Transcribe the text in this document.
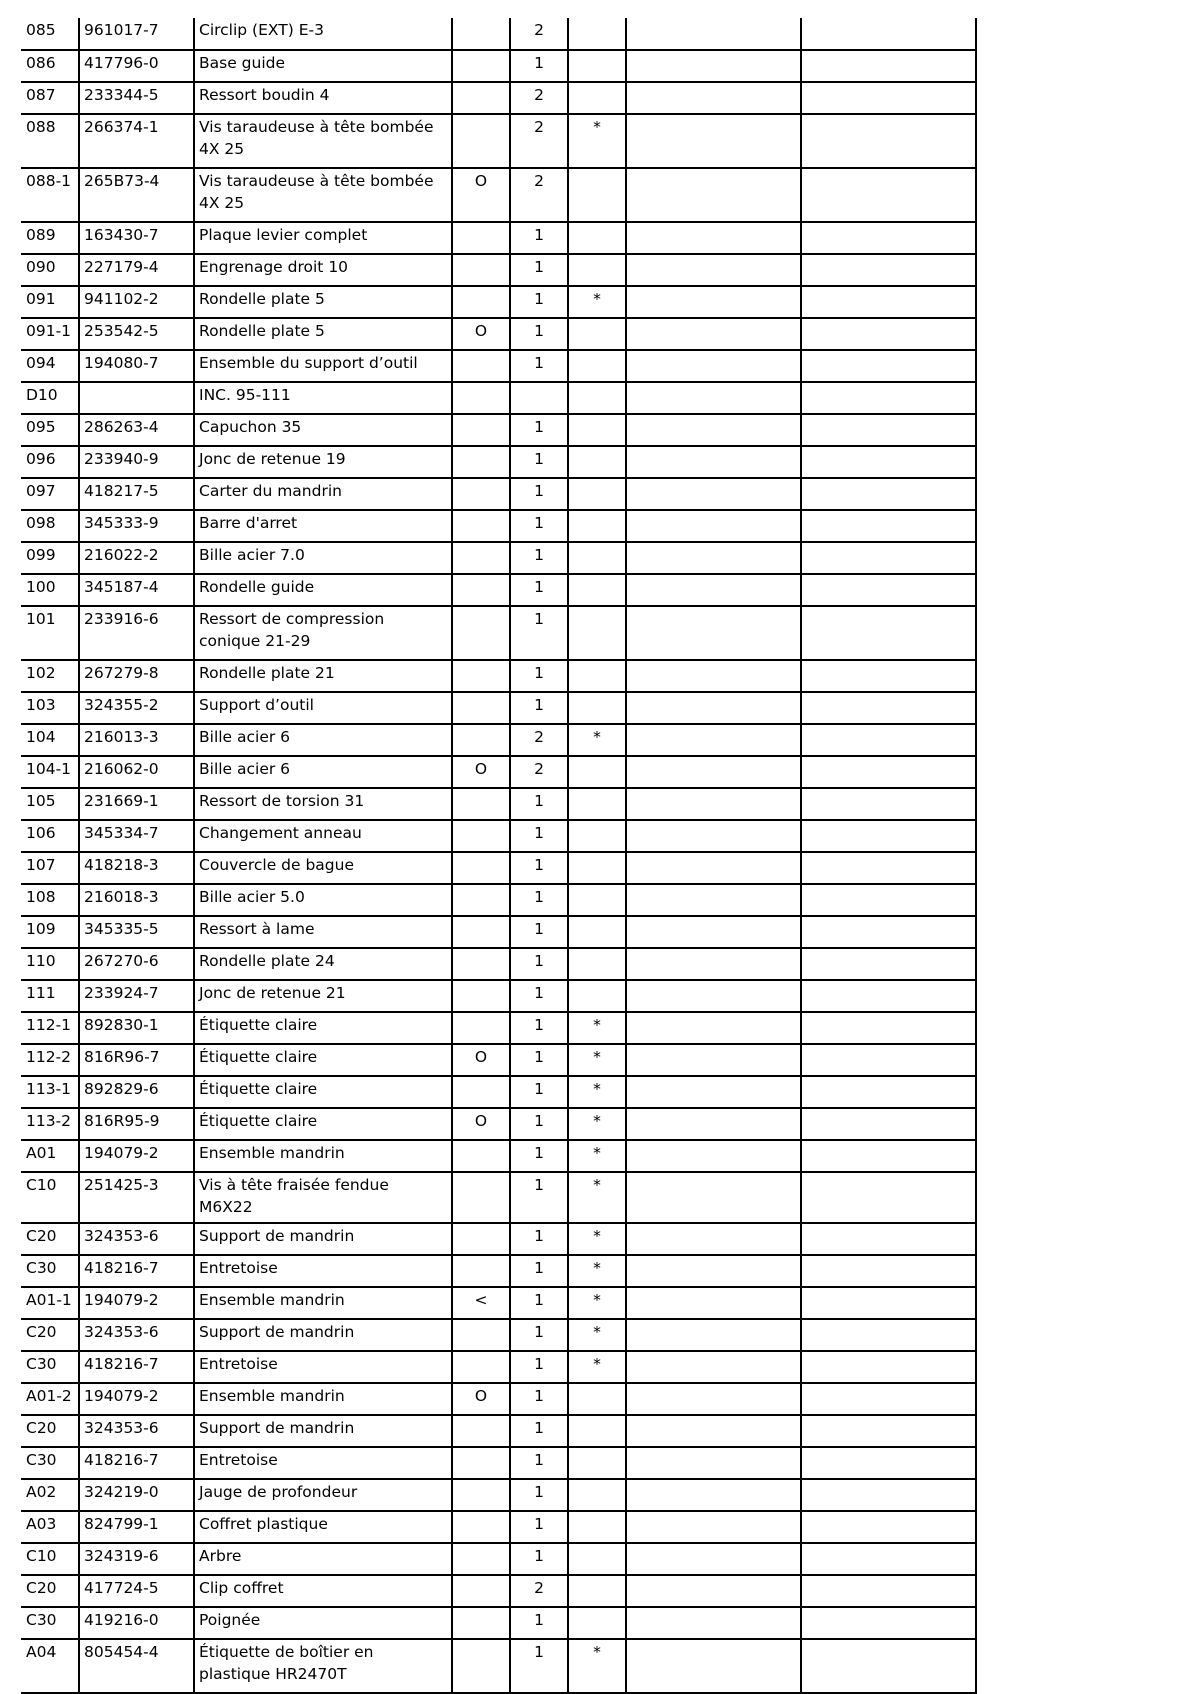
085	961017-7	Circlip (EXT) E-3		2			
086	417796-0	Base guide		1			
087	233344-5	Ressort boudin 4		2			
088	266374-1	Vis taraudeuse à tête bombée 4X 25		2	*		
088-1	265B73-4	Vis taraudeuse à tête bombée 4X 25	O	2			
089	163430-7	Plaque levier complet		1			
090	227179-4	Engrenage droit 10		1			
091	941102-2	Rondelle plate 5		1	*		
091-1	253542-5	Rondelle plate 5	O	1			
094	194080-7	Ensemble du support d’outil		1			
D10		INC. 95-111					
095	286263-4	Capuchon 35		1			
096	233940-9	Jonc de retenue 19		1			
097	418217-5	Carter du mandrin		1			
098	345333-9	Barre d'arret		1			
099	216022-2	Bille acier 7.0		1			
100	345187-4	Rondelle guide		1			
101	233916-6	Ressort de compression conique 21-29		1			
102	267279-8	Rondelle plate 21		1			
103	324355-2	Support d’outil		1			
104	216013-3	Bille acier 6		2	*		
104-1	216062-0	Bille acier 6	O	2			
105	231669-1	Ressort de torsion 31		1			
106	345334-7	Changement anneau		1			
107	418218-3	Couvercle de bague		1			
108	216018-3	Bille acier 5.0		1			
109	345335-5	Ressort à lame		1			
110	267270-6	Rondelle plate 24		1			
111	233924-7	Jonc de retenue 21		1			
112-1	892830-1	Étiquette claire		1	*		
112-2	816R96-7	Étiquette claire	O	1	*		
113-1	892829-6	Étiquette claire		1	*		
113-2	816R95-9	Étiquette claire	O	1	*		
A01	194079-2	Ensemble mandrin		1	*		
C10	251425-3	Vis à tête fraisée fendue M6X22		1	*		
C20	324353-6	Support de mandrin		1	*		
C30	418216-7	Entretoise		1	*		
A01-1	194079-2	Ensemble mandrin	<	1	*		
C20	324353-6	Support de mandrin		1	*		
C30	418216-7	Entretoise		1	*		
A01-2	194079-2	Ensemble mandrin	O	1			
C20	324353-6	Support de mandrin		1			
C30	418216-7	Entretoise		1			
A02	324219-0	Jauge de profondeur		1			
A03	824799-1	Coffret plastique		1			
C10	324319-6	Arbre		1			
C20	417724-5	Clip coffret		2			
C30	419216-0	Poignée		1			
A04	805454-4	Étiquette de boîtier en plastique HR2470T		1	*		
